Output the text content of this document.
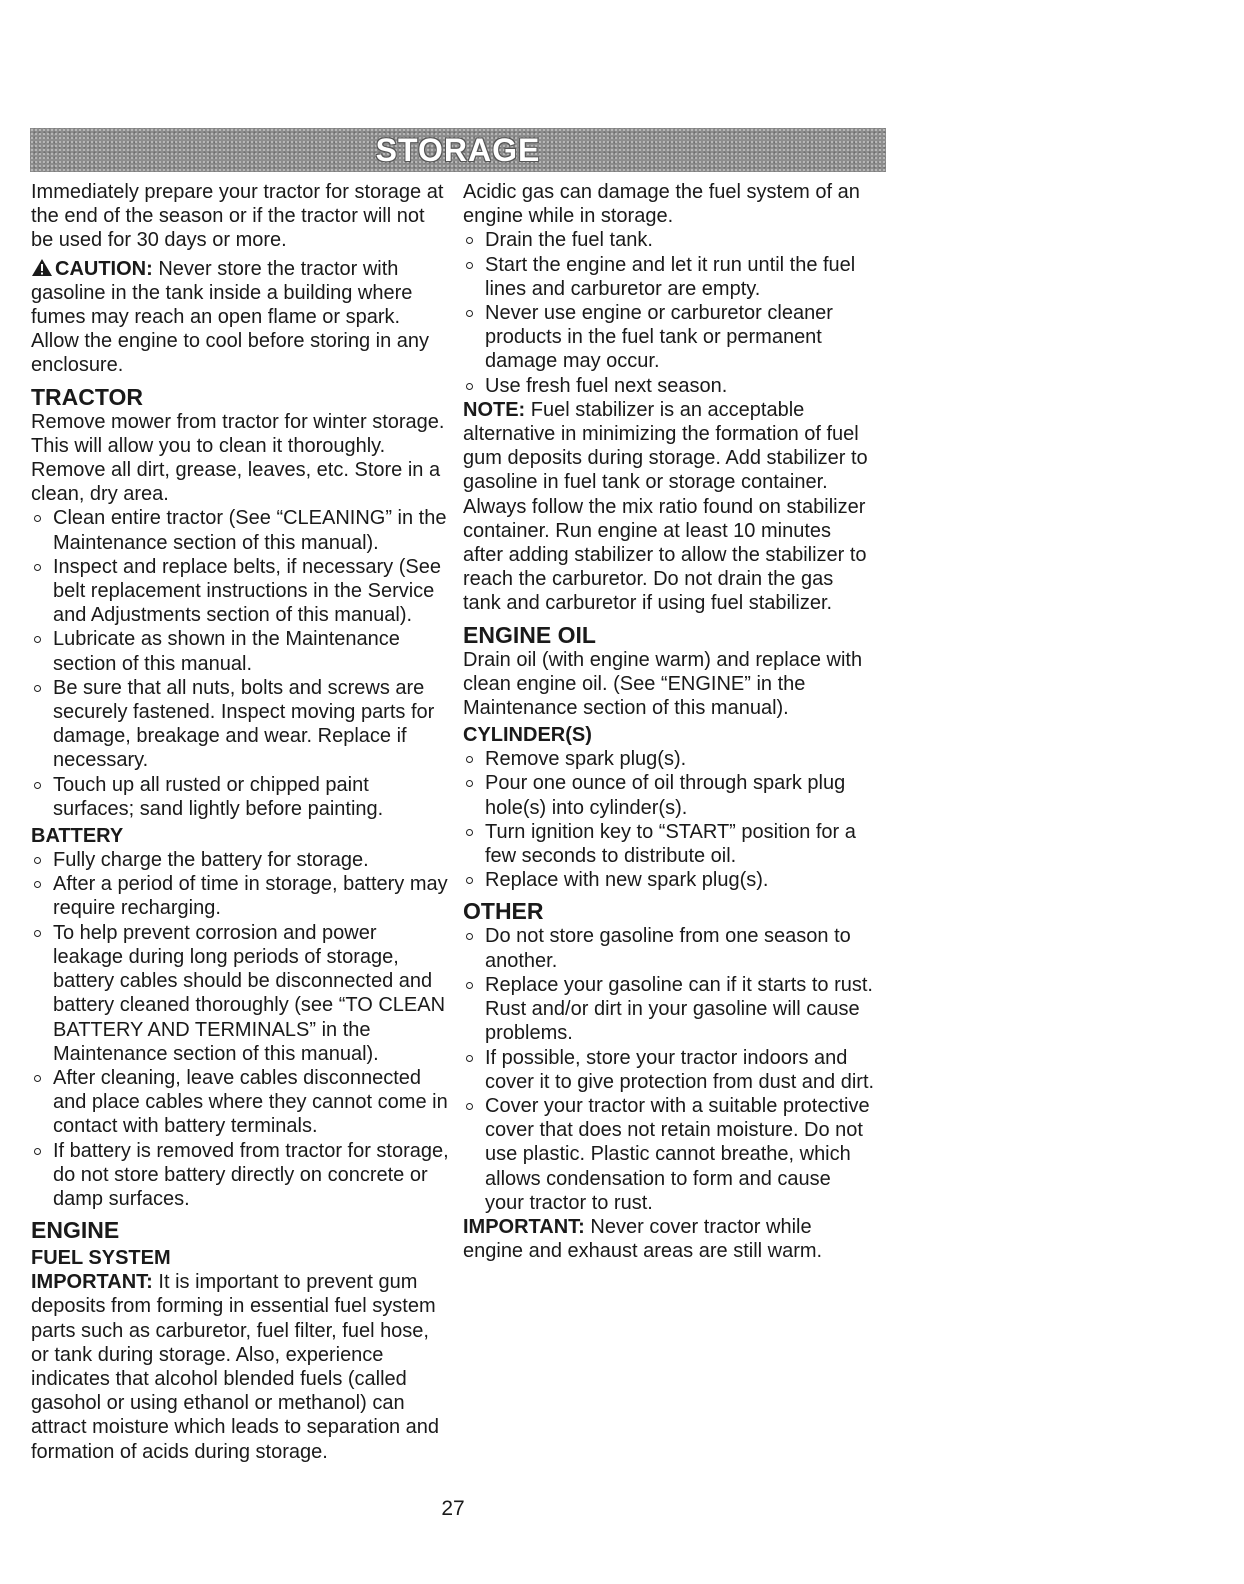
STORAGE

Immediately prepare your tractor for storage at the end of the season or if the tractor will not be used for 30 days or more.

CAUTION: Never store the tractor with gasoline in the tank inside a building where fumes may reach an open flame or spark. Allow the engine to cool before storing in any enclosure.

TRACTOR

Remove mower from tractor for winter storage. This will allow you to clean it thoroughly. Remove all dirt, grease, leaves, etc. Store in a clean, dry area.

Clean entire tractor (See “CLEANING” in the Maintenance section of this manual).
Inspect and replace belts, if necessary (See belt replacement instructions in the Service and Adjustments section of this manual).
Lubricate as shown in the Maintenance section of this manual.
Be sure that all nuts, bolts and screws are securely fastened. Inspect moving parts for damage, breakage and wear. Replace if necessary.
Touch up all rusted or chipped paint surfaces; sand lightly before painting.
BATTERY
Fully charge the battery for storage.
After a period of time in storage, battery may require recharging.
To help prevent corrosion and power leakage during long periods of storage, battery cables should be disconnected and battery cleaned thoroughly (see “TO CLEAN BATTERY AND TERMINALS” in the Maintenance section of this manual).
After cleaning, leave cables disconnected and place cables where they cannot come in contact with battery terminals.
If battery is removed from tractor for storage, do not store battery directly on concrete or damp surfaces.
ENGINE
FUEL SYSTEM

IMPORTANT: It is important to prevent gum deposits from forming in essential fuel system parts such as carburetor, fuel filter, fuel hose, or tank during storage. Also, experience indicates that alcohol blended fuels (called gasohol or using ethanol or methanol) can attract moisture which leads to separation and formation of acids during storage.

Acidic gas can damage the fuel system of an engine while in storage.

Drain the fuel tank.
Start the engine and let it run until the fuel lines and carburetor are empty.
Never use engine or carburetor cleaner products in the fuel tank or permanent damage may occur.
Use fresh fuel next season.

NOTE: Fuel stabilizer is an acceptable alternative in minimizing the formation of fuel gum deposits during storage. Add stabilizer to gasoline in fuel tank or storage container. Always follow the mix ratio found on stabilizer container. Run engine at least 10 minutes after adding stabilizer to allow the stabilizer to reach the carburetor. Do not drain the gas tank and carburetor if using fuel stabilizer.

ENGINE OIL

Drain oil (with engine warm) and replace with clean engine oil. (See “ENGINE” in the Maintenance section of this manual).

CYLINDER(S)
Remove spark plug(s).
Pour one ounce of oil through spark plug hole(s) into cylinder(s).
Turn ignition key to “START” position for a few seconds to distribute oil.
Replace with new spark plug(s).
OTHER
Do not store gasoline from one season to another.
Replace your gasoline can if it starts to rust. Rust and/or dirt in your gasoline will cause problems.
If possible, store your tractor indoors and cover it to give protection from dust and dirt.
Cover your tractor with a suitable protective cover that does not retain moisture. Do not use plastic. Plastic cannot breathe, which allows condensation to form and cause your tractor to rust.

IMPORTANT: Never cover tractor while engine and exhaust areas are still warm.

27
